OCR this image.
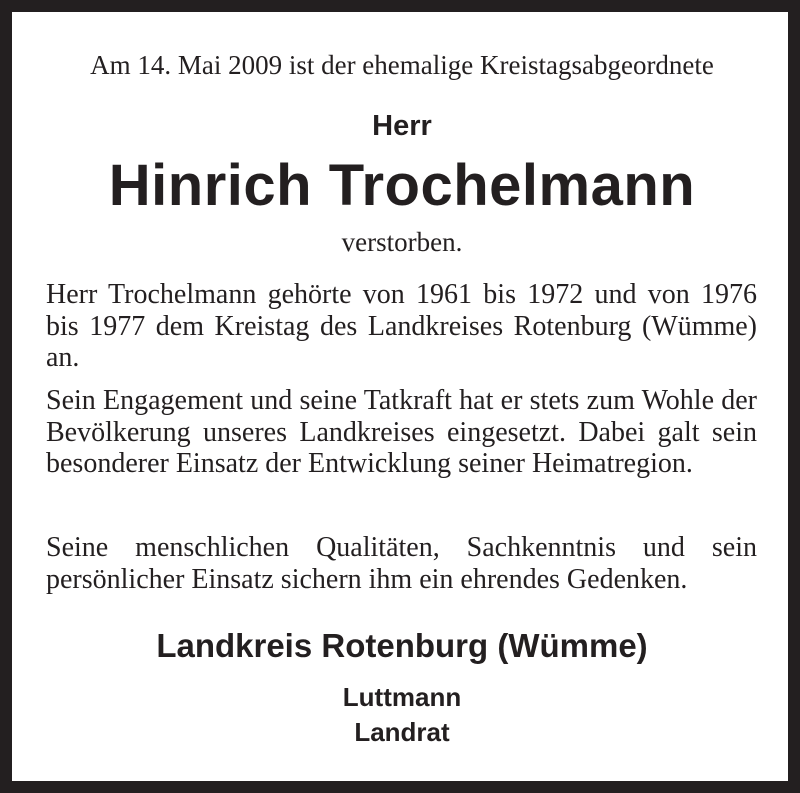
Am 14. Mai 2009 ist der ehemalige Kreistagsabgeordnete
Herr
Hinrich Trochelmann
verstorben.
Herr Trochelmann gehörte von 1961 bis 1972 und von 1976 bis 1977 dem Kreistag des Landkreises Rotenburg (Wümme) an.
Sein Engagement und seine Tatkraft hat er stets zum Wohle der Bevölkerung unseres Landkreises eingesetzt. Dabei galt sein besonderer Einsatz der Entwicklung seiner Heimatregion.
Seine menschlichen Qualitäten, Sachkenntnis und sein persönlicher Einsatz sichern ihm ein ehrendes Gedenken.
Landkreis Rotenburg (Wümme)
Luttmann
Landrat
